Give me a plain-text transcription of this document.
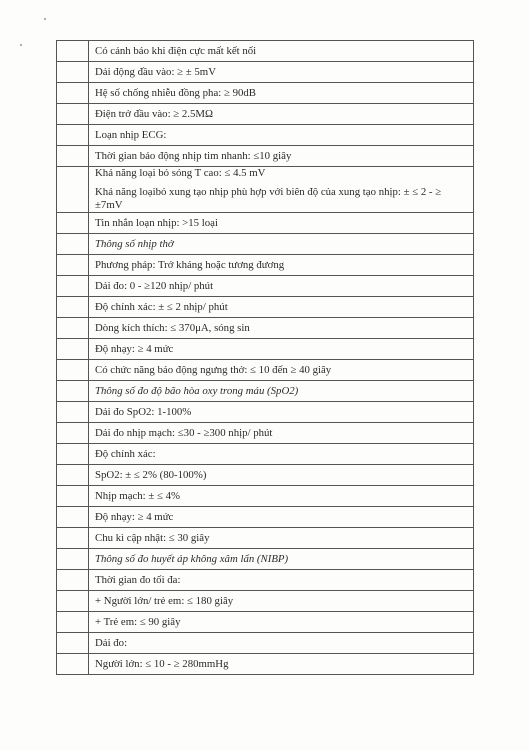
	Có cảnh báo khi điện cực mất kết nối
	Dải động đầu vào: ≥ ± 5mV
	Hệ số chống nhiễu đồng pha: ≥ 90dB
	Điện trở đầu vào: ≥ 2.5MΩ
	Loạn nhịp ECG:
	Thời gian báo động nhịp tim nhanh: ≤10 giây

	Khả năng loại bỏ sóng T cao: ≤ 4.5 mV
Khả năng loạibỏ xung tạo nhịp phù hợp với biên độ của xung tạo nhịp: ± ≤ 2 - ≥ ±7mV

	Tin nhắn loạn nhịp: >15 loại
	Thông số nhịp thở
	Phương pháp: Trở kháng hoặc tương đương
	Dải đo: 0 - ≥120 nhịp/ phút
	Độ chính xác: ± ≤ 2 nhịp/ phút
	Dòng kích thích: ≤ 370μA, sóng sin
	Độ nhạy: ≥ 4 mức
	Có chức năng báo động ngưng thở: ≤ 10 đến ≥ 40 giây
	Thông số đo độ bão hòa oxy trong máu (SpO2)
	Dải đo SpO2: 1-100%
	Dải đo nhịp mạch: ≤30 - ≥300 nhịp/ phút
	Độ chính xác:
	SpO2: ± ≤ 2% (80-100%)
	Nhịp mạch: ± ≤ 4%
	Độ nhạy: ≥ 4 mức
	Chu kì cập nhật: ≤ 30 giây
	Thông số đo huyết áp không xâm lấn (NIBP)
	Thời gian đo tối đa:
	+ Người lớn/ trẻ em: ≤ 180 giây
	+ Trẻ em: ≤ 90 giây
	Dải đo:
	Người lớn: ≤ 10 - ≥ 280mmHg
